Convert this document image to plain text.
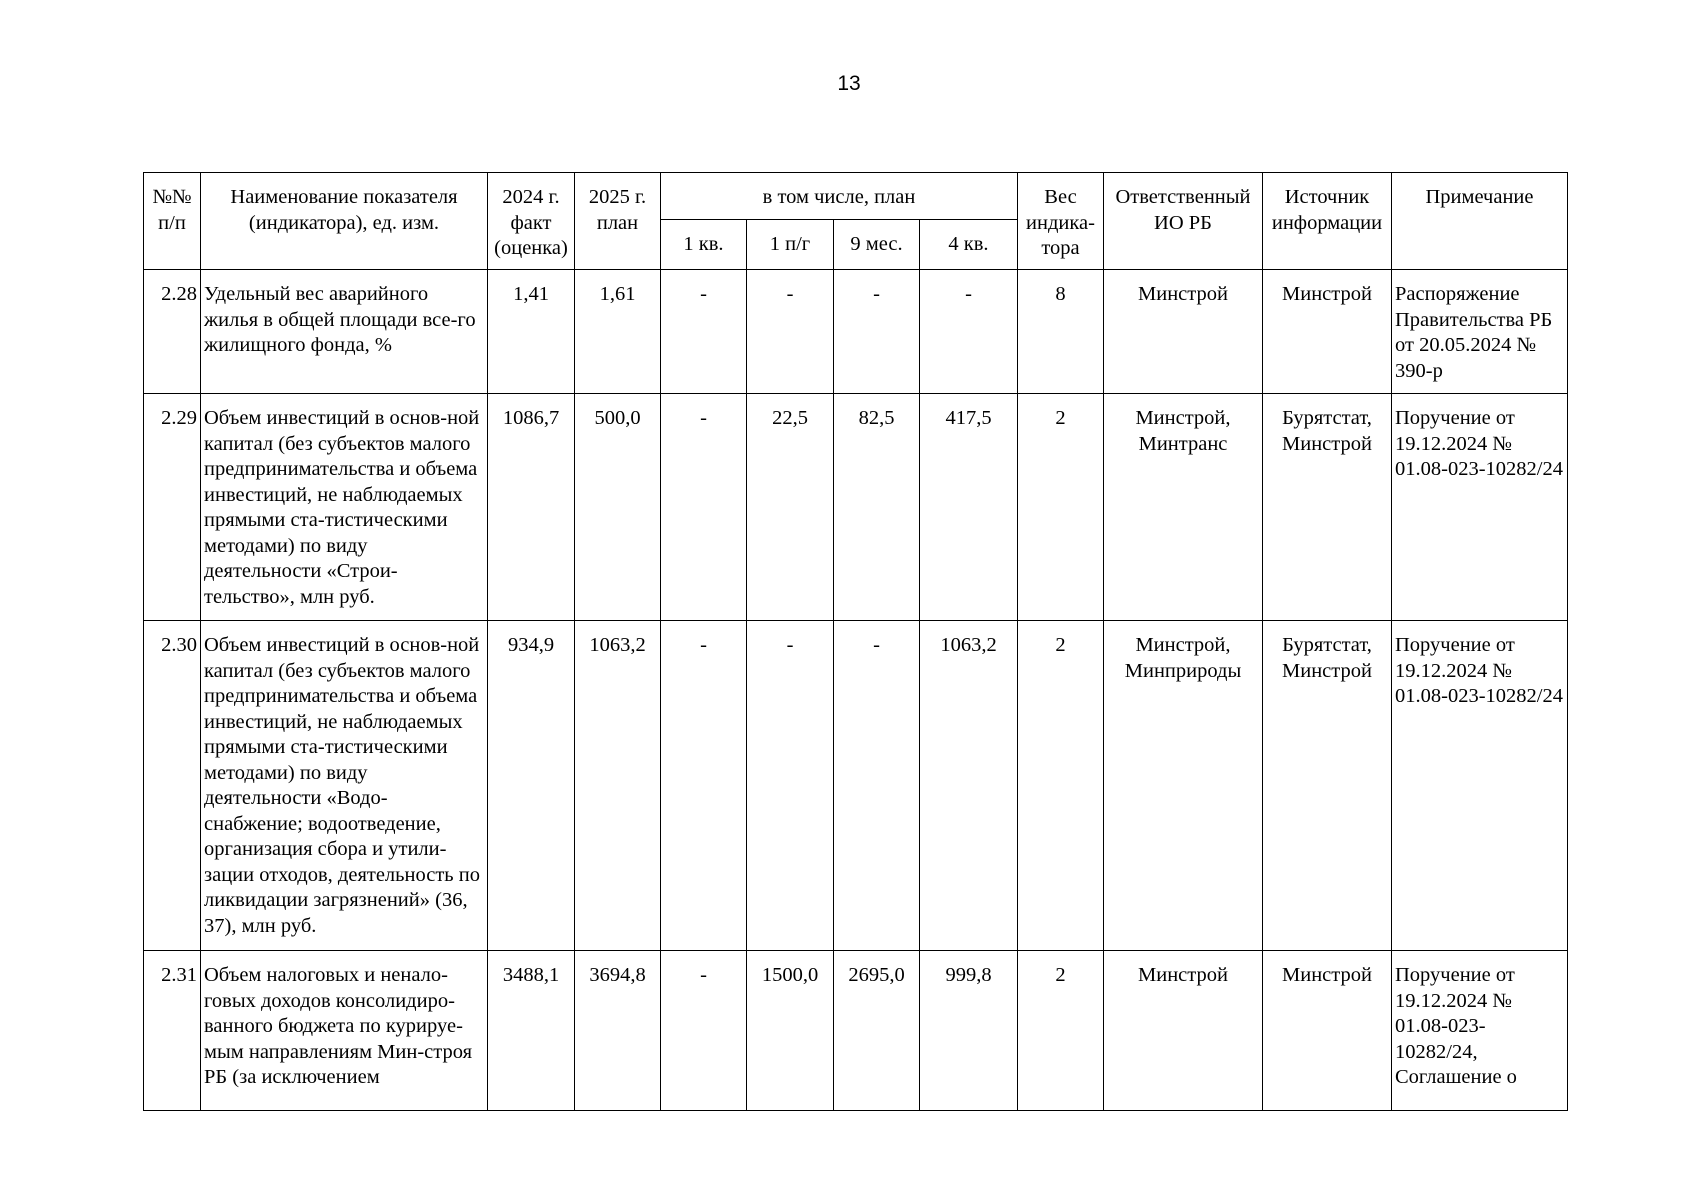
13
№№ п/п	Наименование показателя (индикатора), ед. изм.	2024 г. факт (оценка)	2025 г. план	в том числе, план				Вес индика-тора	Ответственный ИО РБ	Источник информации	Примечание
				1 кв.	1 п/г	9 мес.	4 кв.				
2.28	Удельный вес аварийного жилья в общей площади все-го жилищного фонда, %	1,41	1,61	-	-	-	-	8	Минстрой	Минстрой	Распоряжение Правительства РБ от 20.05.2024 № 390-р
2.29	Объем инвестиций в основ-ной капитал (без субъектов малого предпринимательства и объема инвестиций, не наблюдаемых прямыми ста-тистическими методами) по виду деятельности «Строи-тельство», млн руб.	1086,7	500,0	-	22,5	82,5	417,5	2	Минстрой, Минтранс	Бурятстат, Минстрой	Поручение от 19.12.2024 № 01.08-023-10282/24
2.30	Объем инвестиций в основ-ной капитал (без субъектов малого предпринимательства и объема инвестиций, не наблюдаемых прямыми ста-тистическими методами) по виду деятельности «Водо-снабжение; водоотведение, организация сбора и утили-зации отходов, деятельность по ликвидации загрязнений» (36, 37), млн руб.	934,9	1063,2	-	-	-	1063,2	2	Минстрой, Минприроды	Бурятстат, Минстрой	Поручение от 19.12.2024 № 01.08-023-10282/24
2.31	Объем налоговых и ненало-говых доходов консолидиро-ванного бюджета по курируе-мым направлениям Мин-строя РБ (за исключением	3488,1	3694,8	-	1500,0	2695,0	999,8	2	Минстрой	Минстрой	Поручение от 19.12.2024 № 01.08-023-10282/24, Соглашение о
